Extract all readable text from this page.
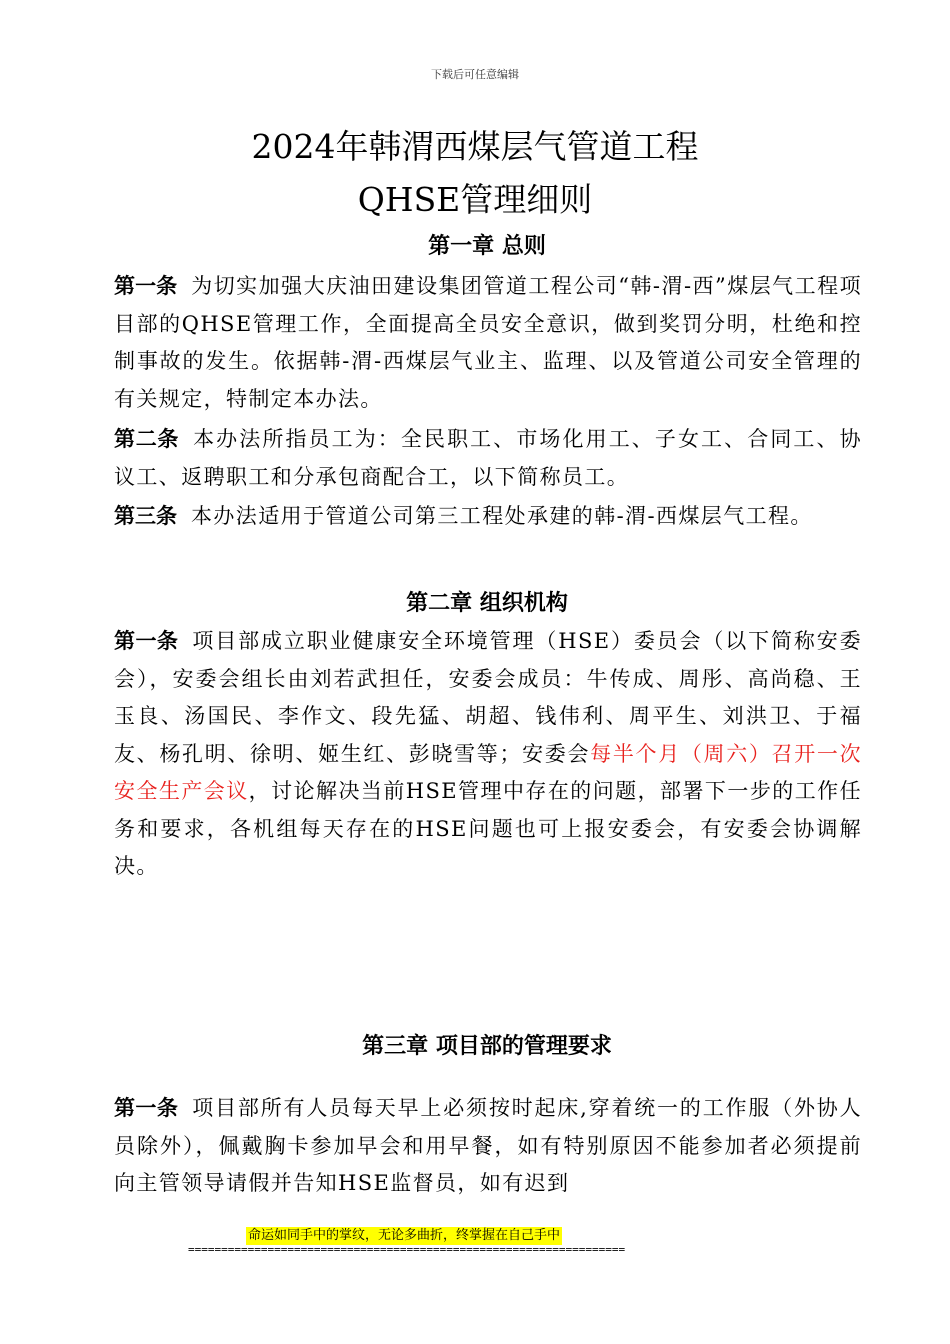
下载后可任意编辑
2024年韩渭西煤层气管道工程
QHSE管理细则
第一章 总则
第一条 为切实加强大庆油田建设集团管道工程公司“韩-渭-西”煤层气工程项目部的QHSE管理工作，全面提高全员安全意识，做到奖罚分明，杜绝和控制事故的发生。依据韩-渭-西煤层气业主、监理、以及管道公司安全管理的有关规定，特制定本办法。
第二条 本办法所指员工为：全民职工、市场化用工、子女工、合同工、协议工、返聘职工和分承包商配合工，以下简称员工。
第三条 本办法适用于管道公司第三工程处承建的韩-渭-西煤层气工程。
第二章 组织机构
第一条 项目部成立职业健康安全环境管理（HSE）委员会（以下简称安委会），安委会组长由刘若武担任，安委会成员：牛传成、周彤、高尚稳、王玉良、汤国民、李作文、段先猛、胡超、钱伟利、周平生、刘洪卫、于福友、杨孔明、徐明、姬生红、彭晓雪等；安委会每半个月（周六）召开一次安全生产会议，讨论解决当前HSE管理中存在的问题，部署下一步的工作任务和要求，各机组每天存在的HSE问题也可上报安委会，有安委会协调解决。
第三章 项目部的管理要求
第一条 项目部所有人员每天早上必须按时起床,穿着统一的工作服（外协人员除外），佩戴胸卡参加早会和用早餐，如有特别原因不能参加者必须提前向主管领导请假并告知HSE监督员，如有迟到
命运如同手中的掌纹，无论多曲折，终掌握在自己手中
==================================================================
